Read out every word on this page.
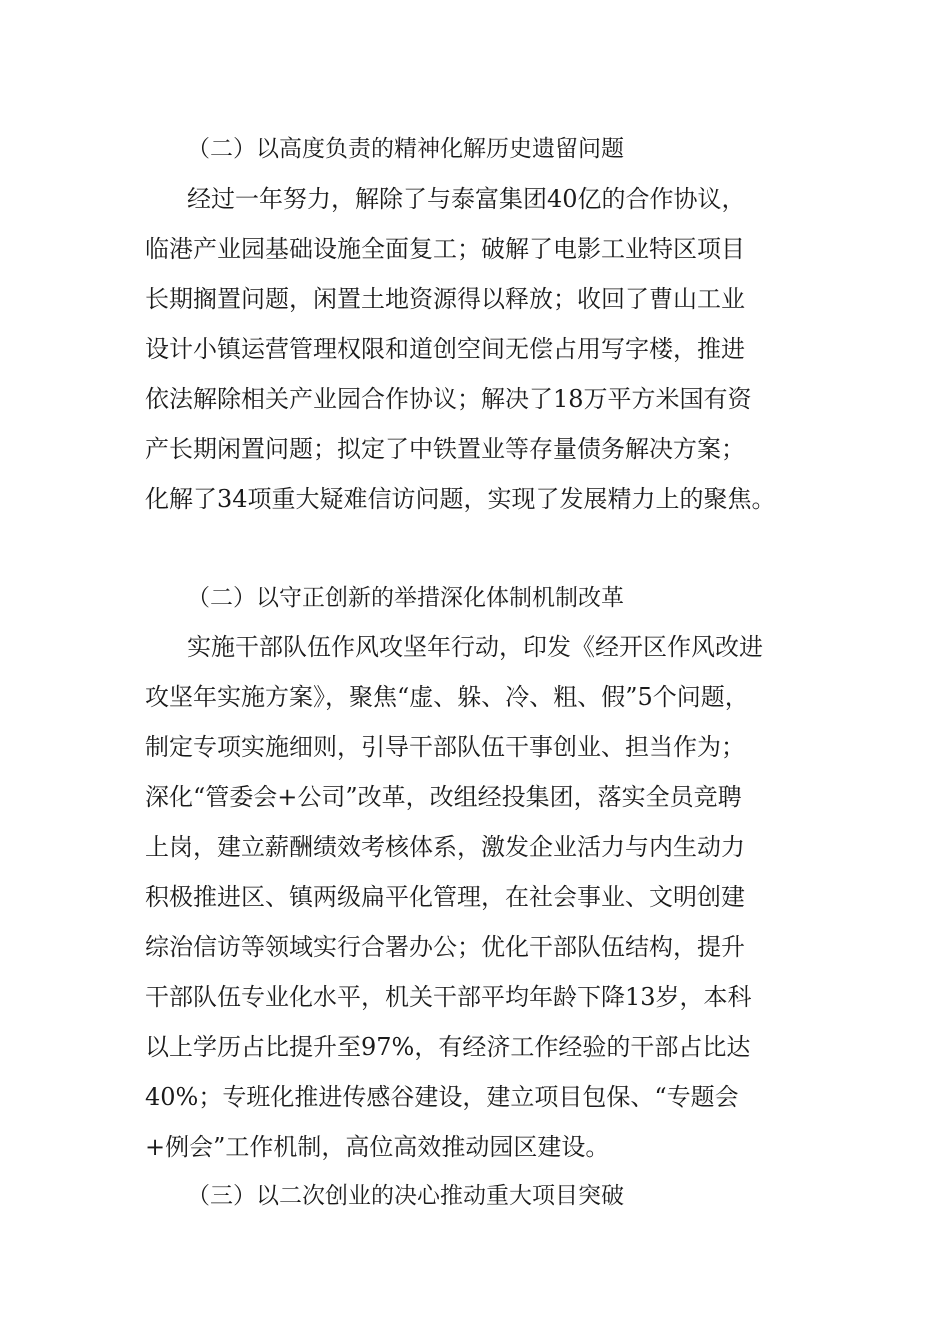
（二）以高度负责的精神化解历史遗留问题
经过一年努力，解除了与泰富集团40亿的合作协议，
临港产业园基础设施全面复工；破解了电影工业特区项目
长期搁置问题，闲置土地资源得以释放；收回了曹山工业
设计小镇运营管理权限和道创空间无偿占用写字楼，推进
依法解除相关产业园合作协议；解决了18万平方米国有资
产长期闲置问题；拟定了中铁置业等存量债务解决方案；
化解了34项重大疑难信访问题，实现了发展精力上的聚焦。
（二）以守正创新的举措深化体制机制改革
实施干部队伍作风攻坚年行动，印发《经开区作风改进
攻坚年实施方案》，聚焦“虚、躲、冷、粗、假”5个问题，
制定专项实施细则，引导干部队伍干事创业、担当作为；
深化“管委会+公司”改革，改组经投集团，落实全员竞聘
上岗，建立薪酬绩效考核体系，激发企业活力与内生动力
积极推进区、镇两级扁平化管理，在社会事业、文明创建
综治信访等领域实行合署办公；优化干部队伍结构，提升
干部队伍专业化水平，机关干部平均年龄下降13岁，本科
以上学历占比提升至97%，有经济工作经验的干部占比达
40%；专班化推进传感谷建设，建立项目包保、“专题会
+例会”工作机制，高位高效推动园区建设。
（三）以二次创业的决心推动重大项目突破
